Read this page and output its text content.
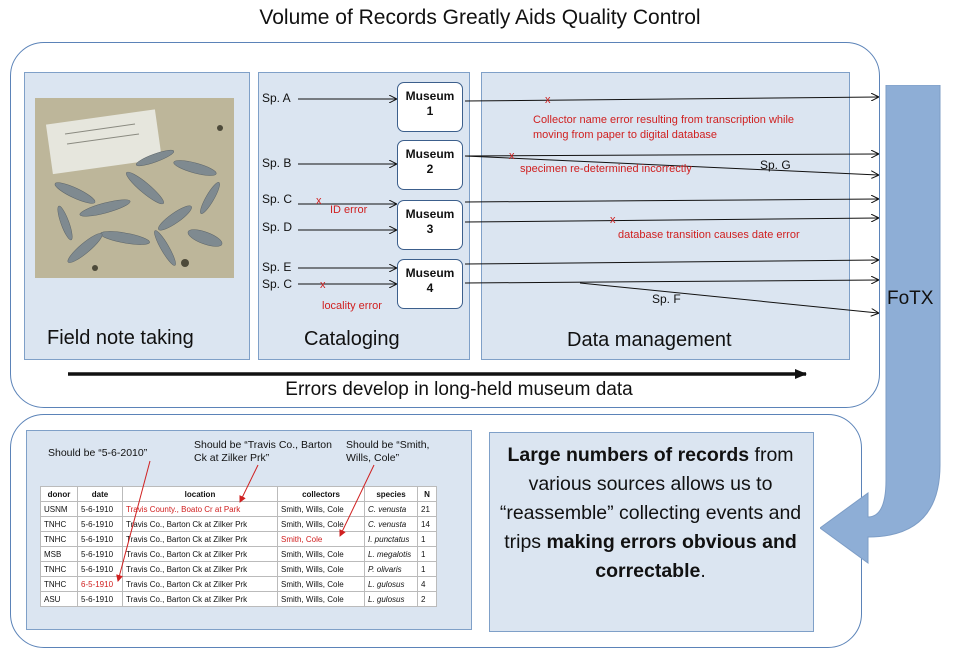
Volume of Records Greatly Aids Quality Control
FoTX
Field note taking	Cataloging	Data management
Museum
1
Museum
2
Museum
3
Museum
4
Sp. A
Sp. B
Sp. C
Sp. D
Sp. E
Sp. C
Sp. G
Sp. F
x
ID error
x
locality error
x
Collector name error resulting from transcription while moving from paper to digital database
x
specimen re-determined incorrectly
x
database transition causes date error
Errors develop in long-held museum data
Should be “5-6-2010”
Should be “Travis Co., Barton Ck at Zilker Prk”
Should be “Smith, Wills, Cole”
donor	date	location	collectors	species	N
USNM	5-6-1910	Travis County., Boato Cr at Park	Smith, Wills, Cole	C. venusta	21
TNHC	5-6-1910	Travis Co., Barton Ck at Zilker Prk	Smith, Wills, Cole	C. venusta	14
TNHC	5-6-1910	Travis Co., Barton Ck at Zilker Prk	Smith, Cole	I. punctatus	1
MSB	5-6-1910	Travis Co., Barton Ck at Zilker Prk	Smith, Wills, Cole	L. megalotis	1
TNHC	5-6-1910	Travis Co., Barton Ck at Zilker Prk	Smith, Wills, Cole	P. olivaris	1
TNHC	6-5-1910	Travis Co., Barton Ck at Zilker Prk	Smith, Wills, Cole	L. gulosus	4
ASU	5-6-1910	Travis Co., Barton Ck at Zilker Prk	Smith, Wills, Cole	L. gulosus	2
Large numbers of records from various sources allows us to “reassemble” collecting events and trips making errors obvious and correctable.
